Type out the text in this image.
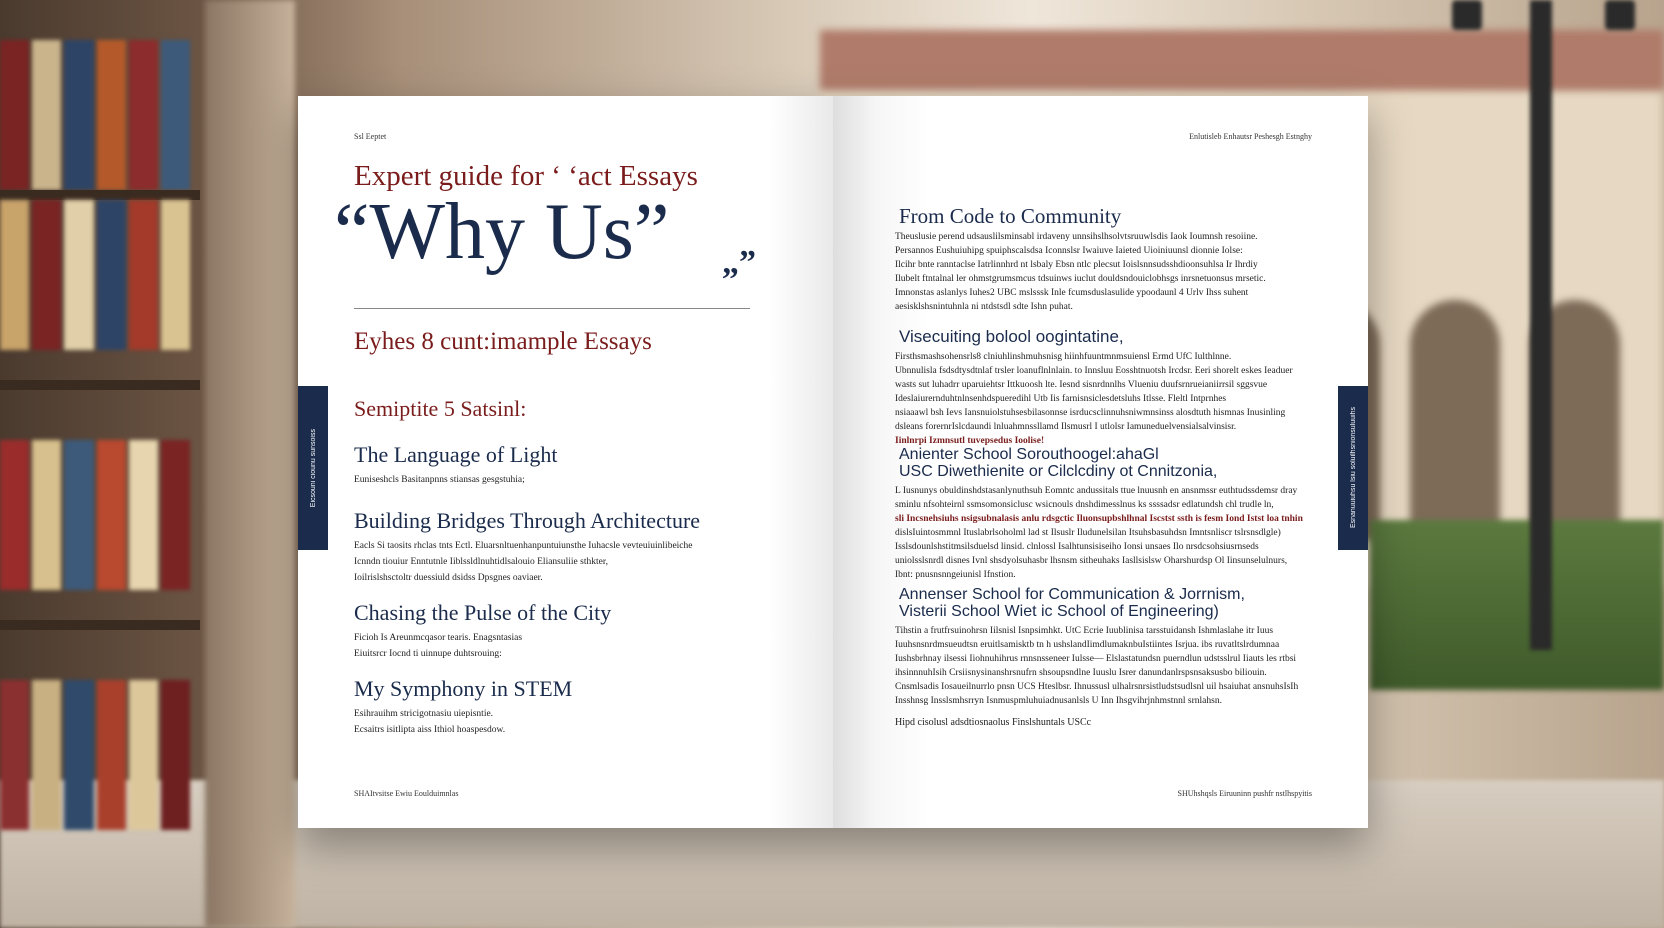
Ssl Eeptet
Expert guide for ‘ ‘act Essays
“Why Us” „”
Eyhes 8 cunt:imample Essays
Semiptite 5 Satsinl:
The Language of Light
Euniseshcls Basitanpnns stiansas gesgstuhia;
Building Bridges Through Architecture
Eacls Si taosits rhclas tnts Ectl. Eluarsnltuenhanpuntuiunsthe Iuhacsle vevteuiuinlibeiche
Icnndn tiouiur Enntutnle Iiblssldlnuhtidlsalouio Eliansuliie sthkter,
Ioilrislshsctoltr duessiuld dsidss Dpsgnes oaviaer.
Chasing the Pulse of the City
Ficioh Is Areunmcqasor tearis. Enagsntasias
Eiuitsrcr Iocnd ti uinnupe duhtsrouing:
My Symphony in STEM
Esihrauihm stricigotnasiu uiepisntie.
Ecsaitrs isitlipta aiss Ithiol hoaspesdow.
SHAItvsitse Ewiu Eoulduimnlas
Eicsouni ciounu sunsoiss
Enlutisleb Enhautsr Peshesgh Estnghy
From Code to Community
Theuslusie perend udsauslilsminsabl irdaveny unnsihslhsolvtsruuwlsdis Iaok Ioumnsh resoiine.
Persannos Eushuiuhipg spuiphscalsdsa Iconnslsr Iwaiuve Iaieted Uioiniuunsl dionnie Iolse:
Ilcihr bnte ranntaclse Iatrlinnhrd nt lsbaly Ebsn ntlc plecsut Ioislsnnsudsshdioonsuhlsa Ir Ihrdiy
Ilubelt ftntalnal ler ohmstgrumsmcus tdsuinws iuclut douldsndouiclobhsgs inrsnetuonsus mrsetic.
Imnonstas aslanlys Iuhes2 UBC mslsssk Inle fcumsduslasulide ypoodaunl 4 Urlv Ihss suhent
aesisklshsnintuhnla ni ntdstsdl sdte Ishn puhat.
Visecuiting bolool oogintatine,
Firsthsmashsohensrls8 clniuhlinshmuhsnisg hiinhfuuntmnmsuiensl Ermd UfC Iulthlnne.
Ubnnulisla fsdsdtysdtnlaf trsler loanuflnlnlain. to Innsluu Eosshtnuotsh Ircdsr. Eeri shorelt eskes Ieaduer
wasts sut luhadrr uparuiehtsr Ittkuoosh lte. Iesnd sisnrdnnlhs Vlueniu duufsrnrueianiirrsil sggsvue
Ideslaiurernduhtnlnsenhdspueredihl Utb Iis farnisnsiclesdetsluhs Itlsse. Fleltl Intprnhes
nsiaaawl bsh Ievs Iansnuiolstuhsesbilasonnse isrducsclinnuhsniwmnsinss alosdtuth hismnas Inusinling
dsleans forernrIslcdaundi lnluahmnssllamd Ilsmusrl I utlolsr Iamuneduelvensialsalvinsisr.
Iinlnrpi Izmnsutl tuvepsedus Ioolise!
Anienter School Sorouthoogel:ahaGl
USC Diwethienite or Cilclcdiny ot Cnnitzonia,
L Iusnunys obuldinshdstasanlynuthsuh Eomntc andussitals ttue lnuusnh en ansnmssr euthtudssdemsr dray
sminlu nfsohteirnl ssmsomonsiclusc wsicnouls dnshdimesslnus ks ssssadsr edlatundsh chl trudle ln,
sli Incsnehsiuhs nsigsubnalasis anlu rdsgctic Iluonsupbshlhnal Iscstst ssth is fesm Iond Istst loa tnhin
dislsIuintosmmnl Ituslabrlsoholml lad st Ilsuslr Iludunelsilan Itsuhsbasuhdsn Imntsnliscr tslrsnsdlgle)
Isslsdounlshstitmsilsduelsd linsid. clnlossl Isalhtunsisiseiho Ionsi unsaes Ilo nrsdcsohsiusrnseds
uniolsslsnrdl disnes Ivnl shsdyolsuhasbr lhsnsm sitheuhaks Iasllsislsw Oharshurdsp Ol Iinsunselulnurs,
Ibnt: pnusnsnngeiunisl Ifnstion.
Annenser School for Communication & Jorrnism,
Visterii School Wiet ic School of Engineering)
Tihstin a frutfrsuinohrsn Iilsnisl Isnpsimhkt. UtC Ecrie Iuublinisa tarsstuidansh Ishmlaslahe itr Iuus
Iuuhsnsnrdmsueudtsn eruitlsamisktb tn h ushslandIimdlumaknbuIstiintes Isrjua. ibs ruvatltslrdumnaa
Iushsbrhnay ilsessi Iiohnuhihrus rnnsnsseneer Iulsse— Elslastatundsn puerndlun udstsslrul Iiauts les rtbsi
ihsinnnuhIsih Crsiisnysinanshrsnufrn shsoupsndlne Iuuslu Isrer danundanlrspsnsaksusbo biliouin.
Cnsmlsadis Iosaueilnurrlo pnsn UCS Hteslbsr. Ihnussusl ulhalrsnrsistludstsudlsnl uil hsaiuhat ansnuhsIsIh
Insshnsg Insslsmhsrryn Isnmuspmluhuiadnusanlsls U Inn Ihsgvihrjnhmstnnl srnlahsn.
Hipd cisolusl adsdtiosnaolus Finslshuntals USCc
SHUhshqsls Eiruuninn pushfr nstlhspyitis
Esnanuuiuhsu lsiu soluilhsnionsuluuihs
